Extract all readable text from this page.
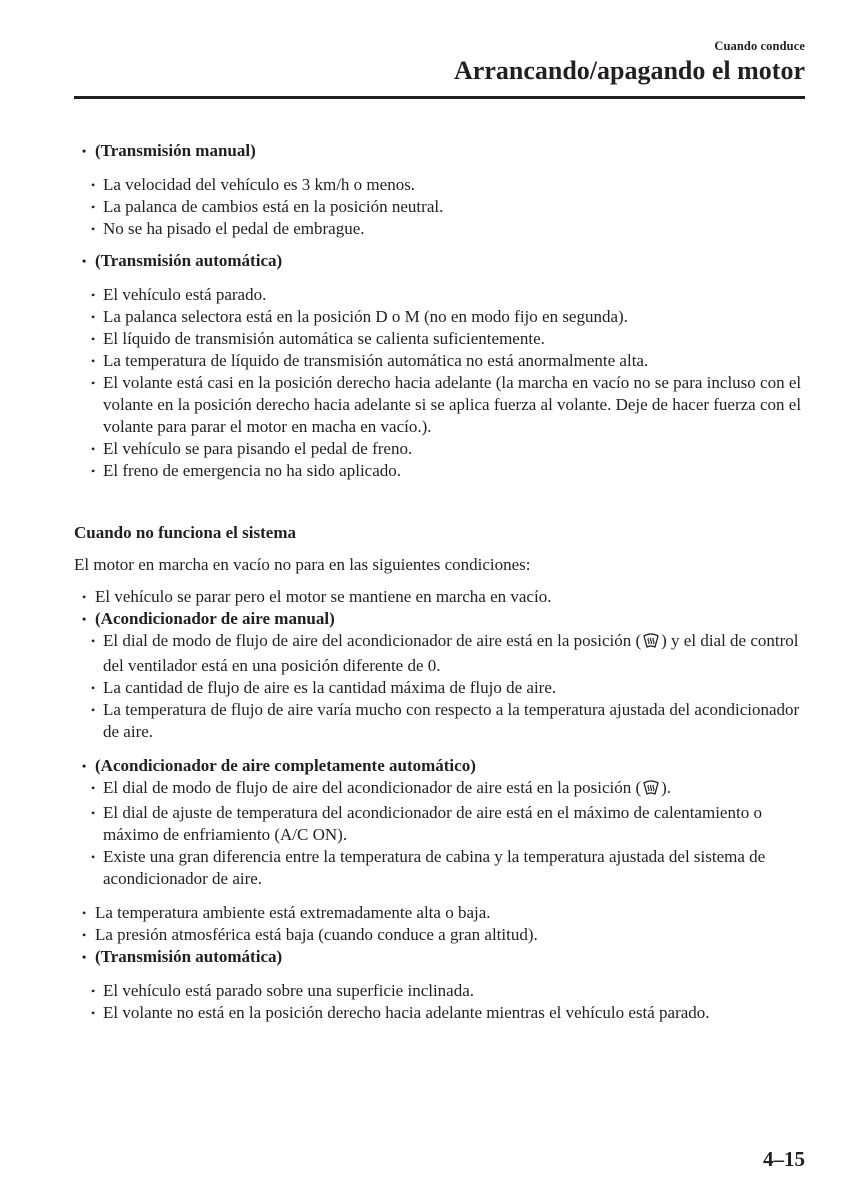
Cuando conduce
Arrancando/apagando el motor
• (Transmisión manual)
• La velocidad del vehículo es 3 km/h o menos.
• La palanca de cambios está en la posición neutral.
• No se ha pisado el pedal de embrague.
• (Transmisión automática)
• El vehículo está parado.
• La palanca selectora está en la posición D o M (no en modo fijo en segunda).
• El líquido de transmisión automática se calienta suficientemente.
• La temperatura de líquido de transmisión automática no está anormalmente alta.
• El volante está casi en la posición derecho hacia adelante (la marcha en vacío no se para incluso con el volante en la posición derecho hacia adelante si se aplica fuerza al volante. Deje de hacer fuerza con el volante para parar el motor en macha en vacío.).
• El vehículo se para pisando el pedal de freno.
• El freno de emergencia no ha sido aplicado.
Cuando no funciona el sistema
El motor en marcha en vacío no para en las siguientes condiciones:
• El vehículo se parar pero el motor se mantiene en marcha en vacío.
• (Acondicionador de aire manual)
• El dial de modo de flujo de aire del acondicionador de aire está en la posición ( ) y el dial de control del ventilador está en una posición diferente de 0.
• La cantidad de flujo de aire es la cantidad máxima de flujo de aire.
• La temperatura de flujo de aire varía mucho con respecto a la temperatura ajustada del acondicionador de aire.
• (Acondicionador de aire completamente automático)
• El dial de modo de flujo de aire del acondicionador de aire está en la posición ( ).
• El dial de ajuste de temperatura del acondicionador de aire está en el máximo de calentamiento o máximo de enfriamiento (A/C ON).
• Existe una gran diferencia entre la temperatura de cabina y la temperatura ajustada del sistema de acondicionador de aire.
• La temperatura ambiente está extremadamente alta o baja.
• La presión atmosférica está baja (cuando conduce a gran altitud).
• (Transmisión automática)
• El vehículo está parado sobre una superficie inclinada.
• El volante no está en la posición derecho hacia adelante mientras el vehículo está parado.
4–15
